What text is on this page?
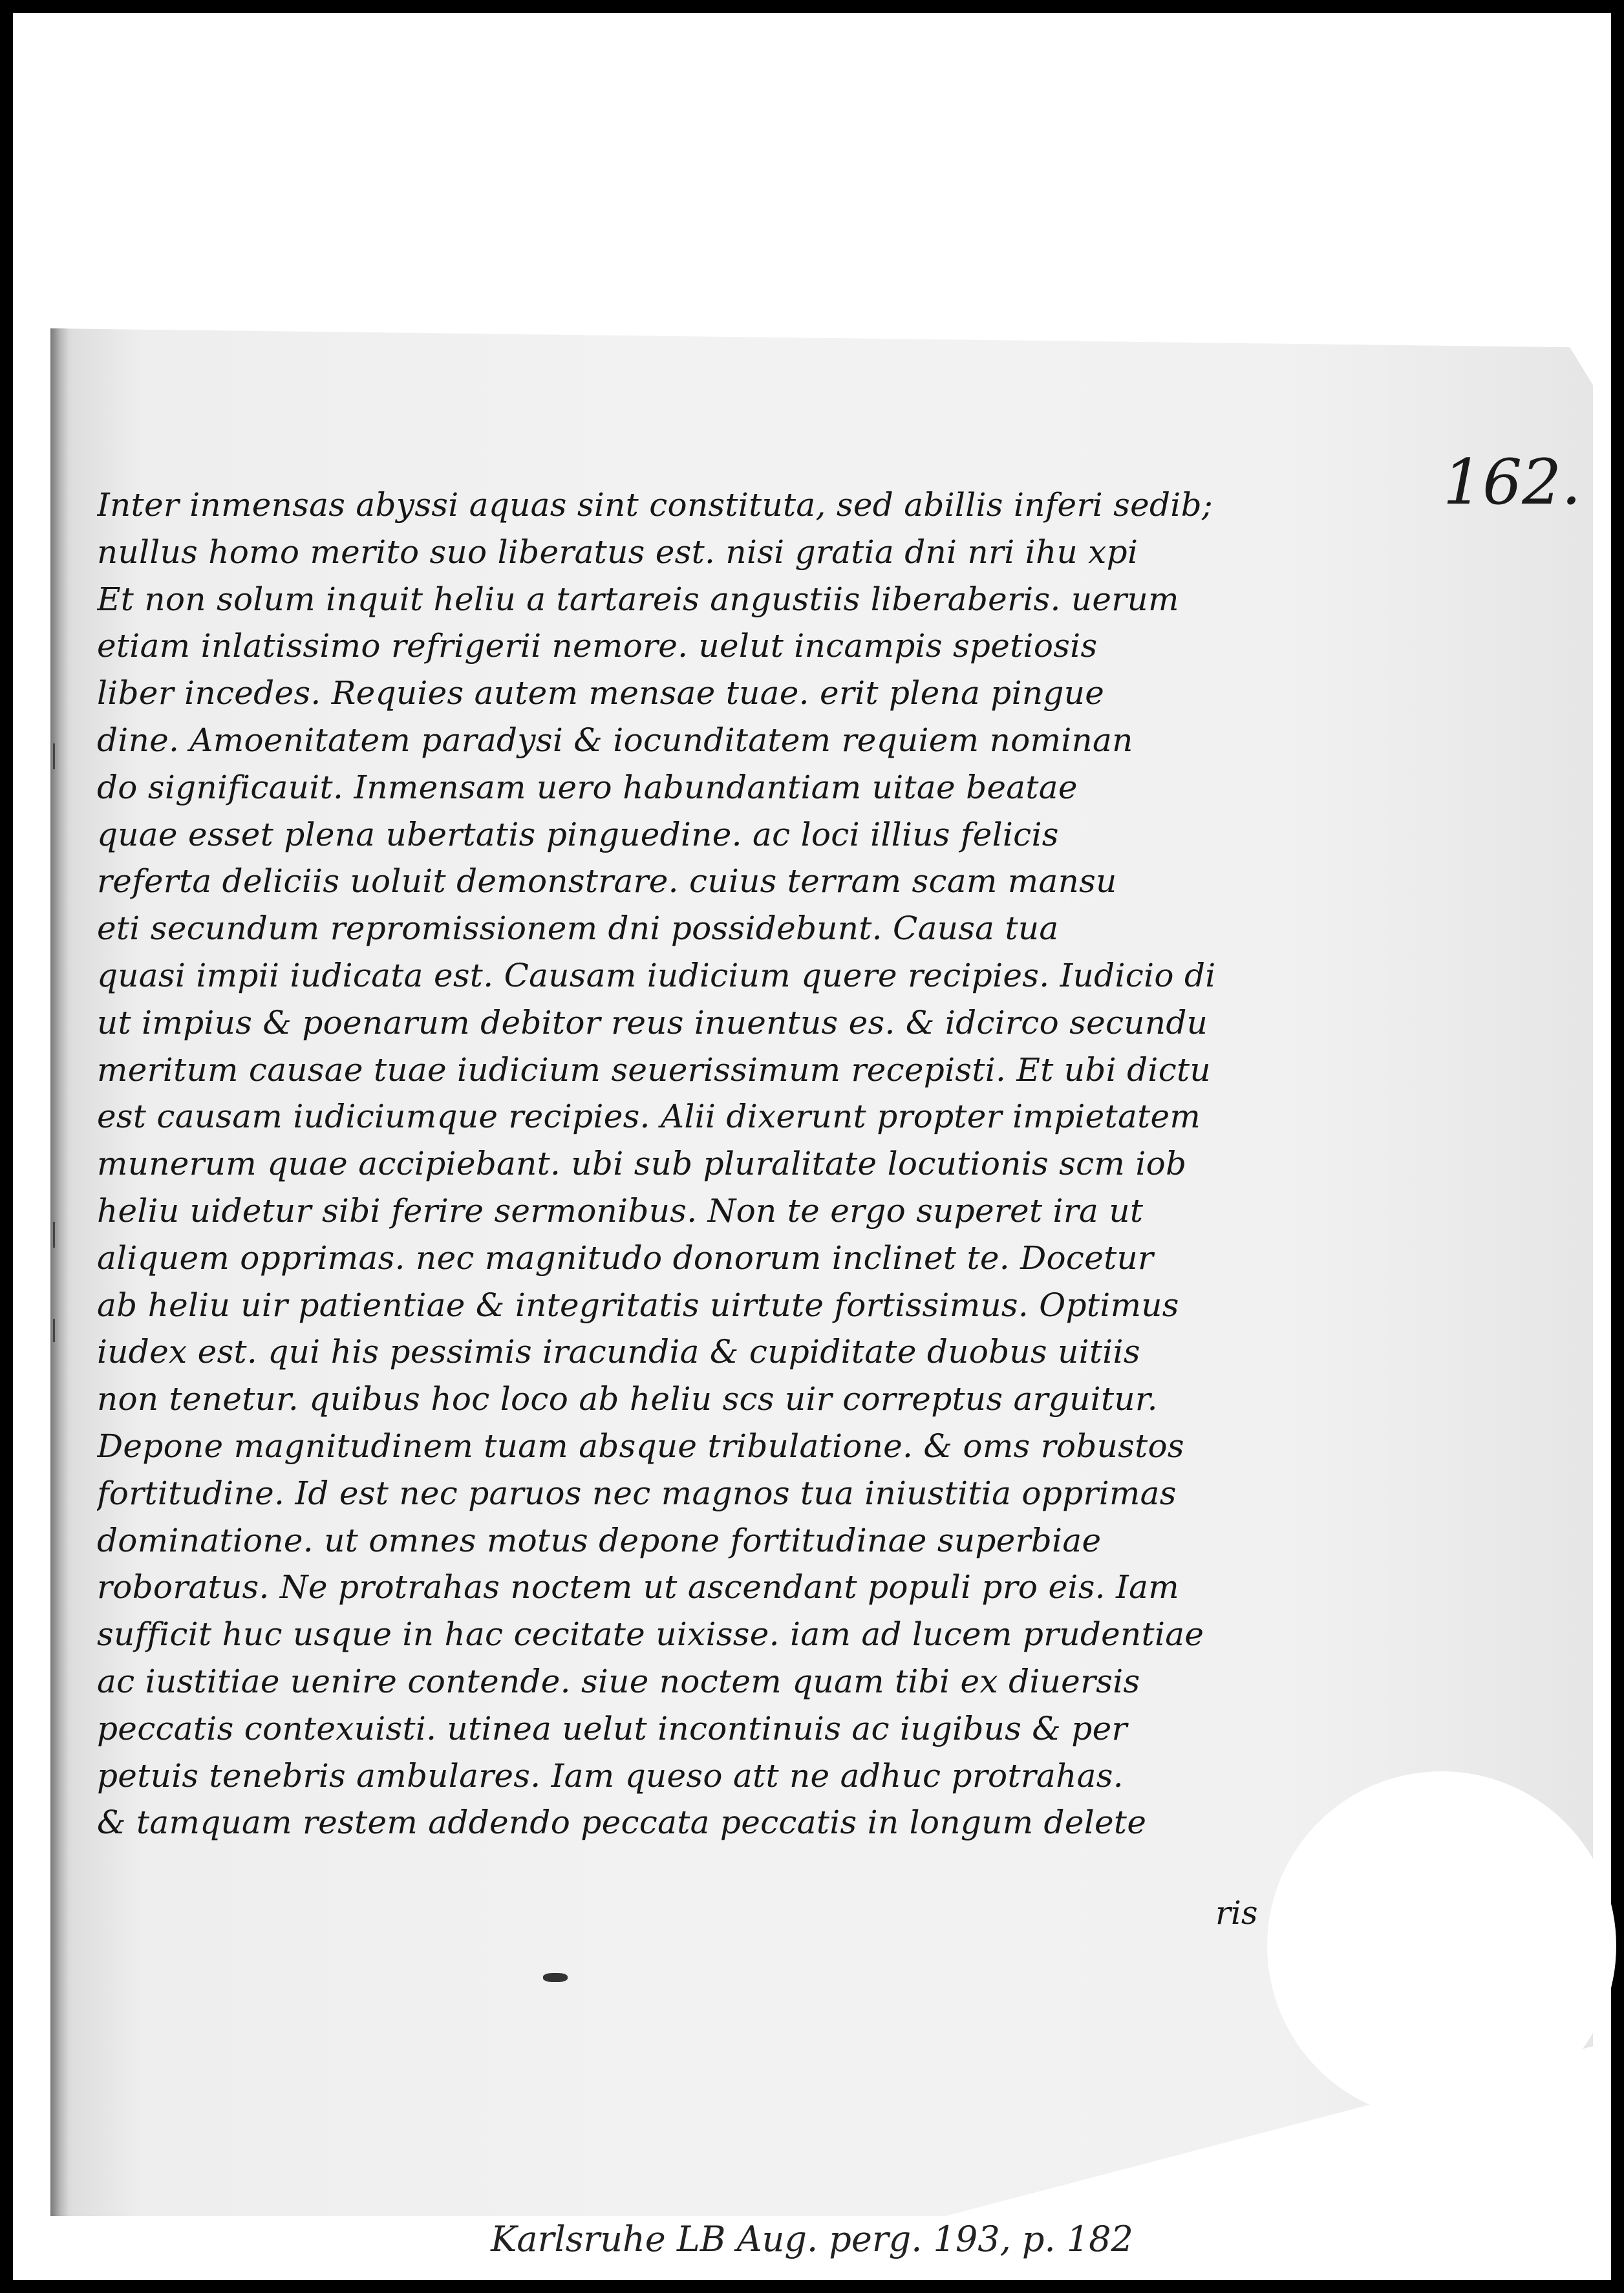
162.
Inter inmensas abyssi aquas sint constituta, sed abillis inferi sedib;
nullus homo merito suo liberatus est. nisi gratia dni nri ihu xpi
Et non solum inquit heliu a tartareis angustiis liberaberis. uerum
etiam inlatissimo refrigerii nemore. uelut incampis spetiosis
liber incedes. Requies autem mensae tuae. erit plena pingue
dine. Amoenitatem paradysi & iocunditatem requiem nominan
do significauit. Inmensam uero habundantiam uitae beatae
quae esset plena ubertatis pinguedine. ac loci illius felicis
referta deliciis uoluit demonstrare. cuius terram scam mansu
eti secundum repromissionem dni possidebunt. Causa tua
quasi impii iudicata est. Causam iudicium quere recipies. Iudicio di
ut impius & poenarum debitor reus inuentus es. & idcirco secundu
meritum causae tuae iudicium seuerissimum recepisti. Et ubi dictu
est causam iudiciumque recipies. Alii dixerunt propter impietatem
munerum quae accipiebant. ubi sub pluralitate locutionis scm iob
heliu uidetur sibi ferire sermonibus. Non te ergo superet ira ut
aliquem opprimas. nec magnitudo donorum inclinet te. Docetur
ab heliu uir patientiae & integritatis uirtute fortissimus. Optimus
iudex est. qui his pessimis iracundia & cupiditate duobus uitiis
non tenetur. quibus hoc loco ab heliu scs uir correptus arguitur.
Depone magnitudinem tuam absque tribulatione. & oms robustos
fortitudine. Id est nec paruos nec magnos tua iniustitia opprimas
dominatione. ut omnes motus depone fortitudinae superbiae
roboratus. Ne protrahas noctem ut ascendant populi pro eis. Iam
sufficit huc usque in hac cecitate uixisse. iam ad lucem prudentiae
ac iustitiae uenire contende. siue noctem quam tibi ex diuersis
peccatis contexuisti. utinea uelut incontinuis ac iugibus & per
petuis tenebris ambulares. Iam queso att ne adhuc protrahas.
& tamquam restem addendo peccata peccatis in longum delete
ris
Karlsruhe LB Aug. perg. 193, p. 182
